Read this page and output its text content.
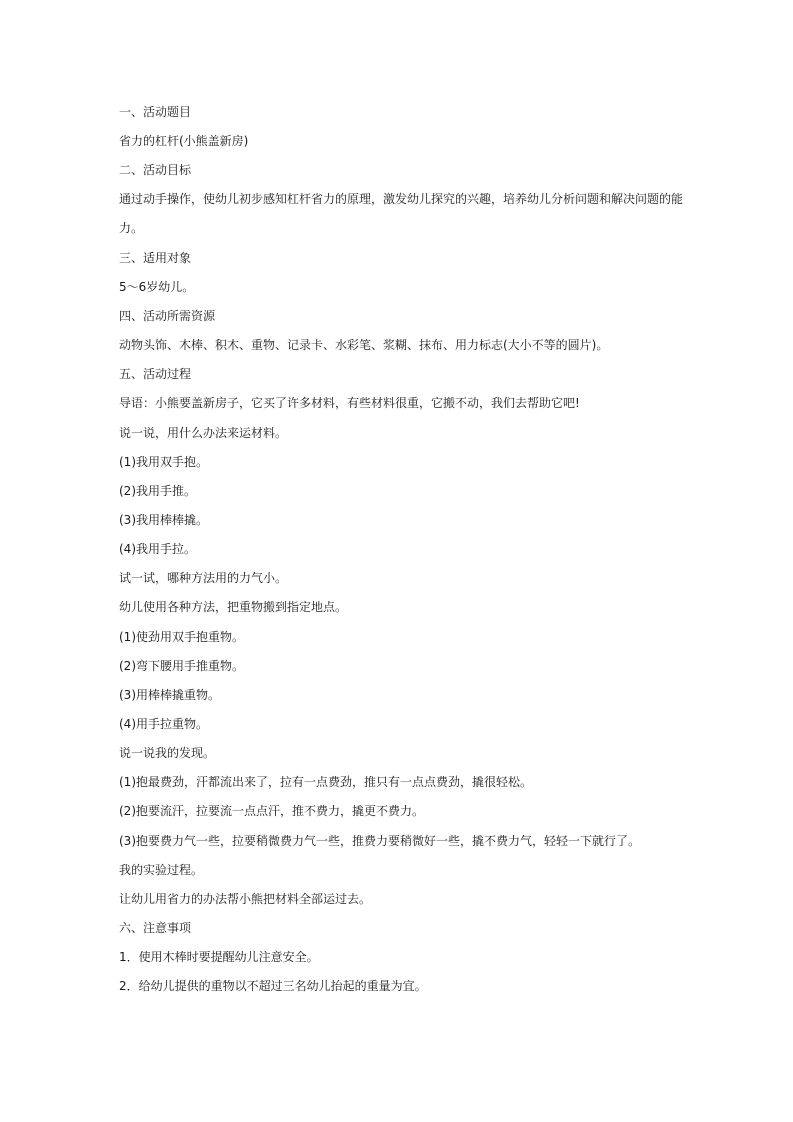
一、活动题目
省力的杠杆(小熊盖新房)
二、活动目标
通过动手操作，使幼儿初步感知杠杆省力的原理，激发幼儿探究的兴趣，培养幼儿分析问题和解决问题的能力。
三、适用对象
5～6岁幼儿。
四、活动所需资源
动物头饰、木棒、积木、重物、记录卡、水彩笔、浆糊、抹布、用力标志(大小不等的圆片)。
五、活动过程
导语：小熊要盖新房子，它买了许多材料，有些材料很重，它搬不动，我们去帮助它吧!
说一说，用什么办法来运材料。
(1)我用双手抱。
(2)我用手推。
(3)我用棒棒撬。
(4)我用手拉。
试一试，哪种方法用的力气小。
幼儿使用各种方法，把重物搬到指定地点。
(1)使劲用双手抱重物。
(2)弯下腰用手推重物。
(3)用棒棒撬重物。
(4)用手拉重物。
说一说我的发现。
(1)抱最费劲，汗都流出来了，拉有一点费劲，推只有一点点费劲，撬很轻松。
(2)抱要流汗，拉要流一点点汗，推不费力，撬更不费力。
(3)抱要费力气一些，拉要稍微费力气一些，推费力要稍微好一些，撬不费力气，轻轻一下就行了。
我的实验过程。
让幼儿用省力的办法帮小熊把材料全部运过去。
六、注意事项
1．使用木棒时要提醒幼儿注意安全。
2．给幼儿提供的重物以不超过三名幼儿抬起的重量为宜。
